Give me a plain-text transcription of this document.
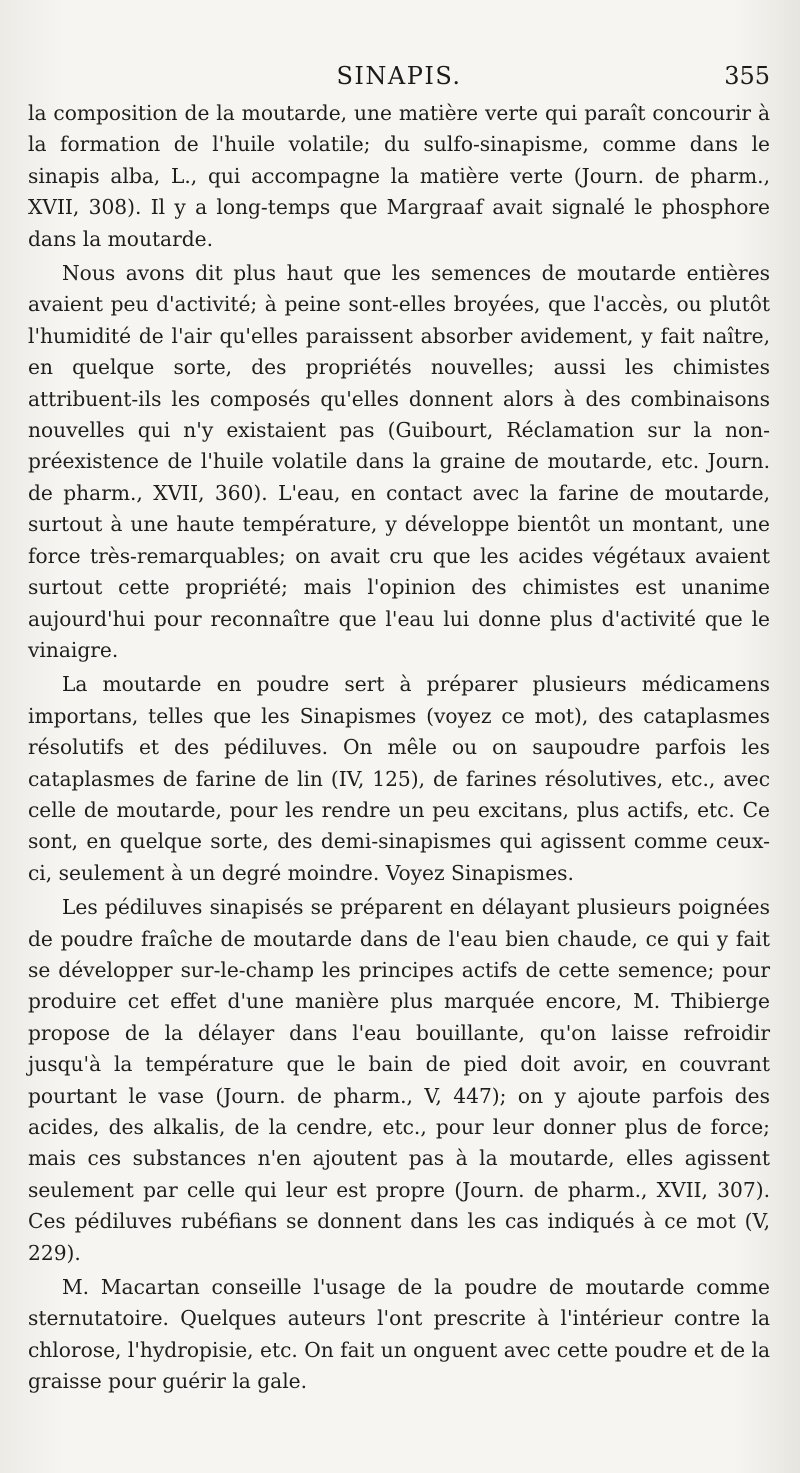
SINAPIS.	355

la composition de la moutarde, une matière verte qui paraît concourir à la formation de l'huile volatile; du sulfo-sinapisme, comme dans le sinapis alba, L., qui accompagne la matière verte (Journ. de pharm., XVII, 308). Il y a long-temps que Margraaf avait signalé le phosphore dans la moutarde.

Nous avons dit plus haut que les semences de moutarde entières avaient peu d'activité; à peine sont-elles broyées, que l'accès, ou plutôt l'humidité de l'air qu'elles paraissent absorber avidement, y fait naître, en quelque sorte, des propriétés nouvelles; aussi les chimistes attribuent-ils les composés qu'elles donnent alors à des combinaisons nouvelles qui n'y existaient pas (Guibourt, Réclamation sur la non-préexistence de l'huile volatile dans la graine de moutarde, etc. Journ. de pharm., XVII, 360). L'eau, en contact avec la farine de moutarde, surtout à une haute température, y développe bientôt un montant, une force très-remarquables; on avait cru que les acides végétaux avaient surtout cette propriété; mais l'opinion des chimistes est unanime aujourd'hui pour reconnaître que l'eau lui donne plus d'activité que le vinaigre.

La moutarde en poudre sert à préparer plusieurs médicamens importans, telles que les Sinapismes (voyez ce mot), des cataplasmes résolutifs et des pédiluves. On mêle ou on saupoudre parfois les cataplasmes de farine de lin (IV, 125), de farines résolutives, etc., avec celle de moutarde, pour les rendre un peu excitans, plus actifs, etc. Ce sont, en quelque sorte, des demi-sinapismes qui agissent comme ceux-ci, seulement à un degré moindre. Voyez Sinapismes.

Les pédiluves sinapisés se préparent en délayant plusieurs poignées de poudre fraîche de moutarde dans de l'eau bien chaude, ce qui y fait se développer sur-le-champ les principes actifs de cette semence; pour produire cet effet d'une manière plus marquée encore, M. Thibierge propose de la délayer dans l'eau bouillante, qu'on laisse refroidir jusqu'à la température que le bain de pied doit avoir, en couvrant pourtant le vase (Journ. de pharm., V, 447); on y ajoute parfois des acides, des alkalis, de la cendre, etc., pour leur donner plus de force; mais ces substances n'en ajoutent pas à la moutarde, elles agissent seulement par celle qui leur est propre (Journ. de pharm., XVII, 307). Ces pédiluves rubéfians se donnent dans les cas indiqués à ce mot (V, 229).

M. Macartan conseille l'usage de la poudre de moutarde comme sternutatoire. Quelques auteurs l'ont prescrite à l'intérieur contre la chlorose, l'hydropisie, etc. On fait un onguent avec cette poudre et de la graisse pour guérir la gale.
